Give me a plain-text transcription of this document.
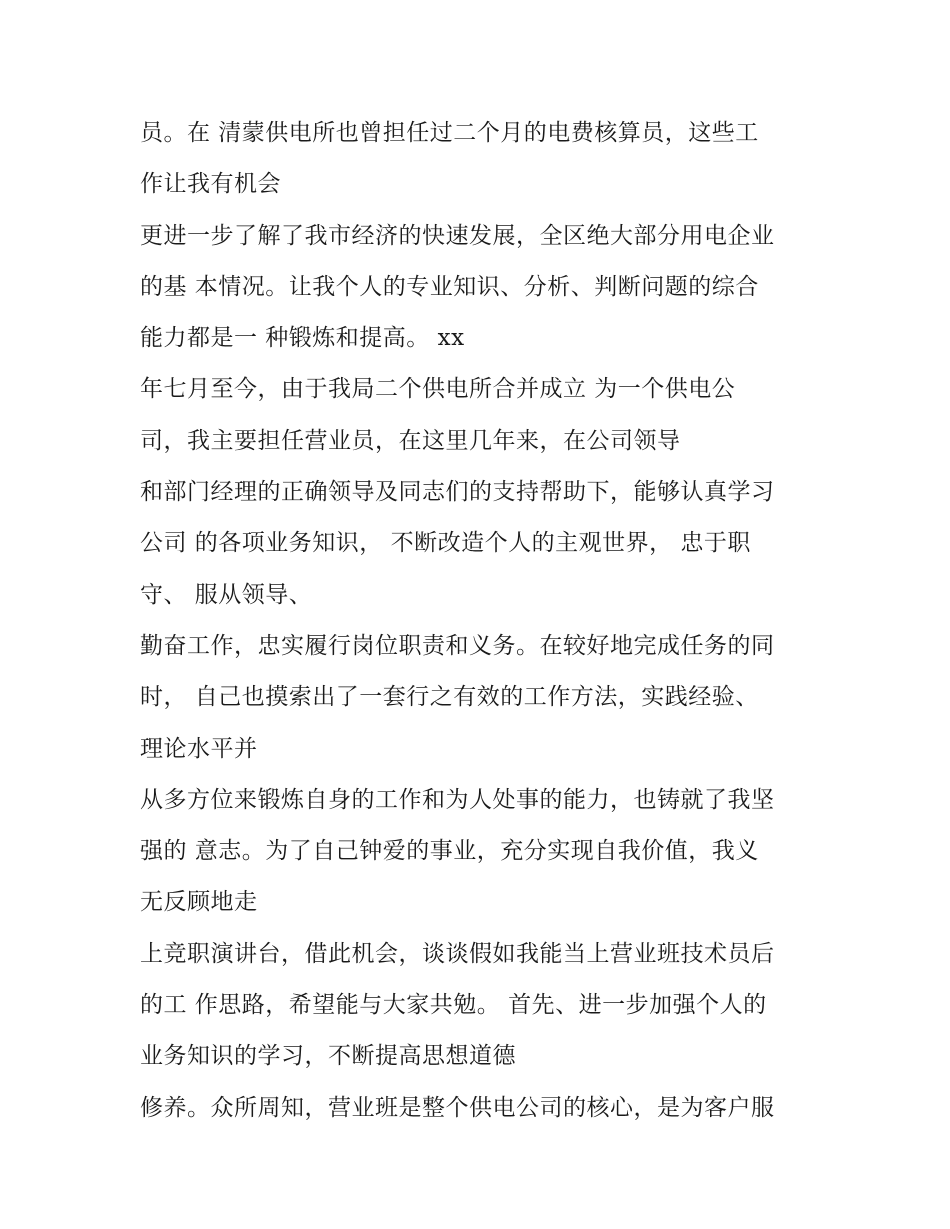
员。在 清蒙供电所也曾担任过二个月的电费核算员，这些工
作让我有机会
更进一步了解了我市经济的快速发展，全区绝大部分用电企业
的基 本情况。让我个人的专业知识、分析、判断问题的综合
能力都是一 种锻炼和提高。 xx
年七月至今，由于我局二个供电所合并成立 为一个供电公
司，我主要担任营业员，在这里几年来，在公司领导
和部门经理的正确领导及同志们的支持帮助下，能够认真学习
公司 的各项业务知识， 不断改造个人的主观世界， 忠于职
守、 服从领导、
勤奋工作，忠实履行岗位职责和义务。在较好地完成任务的同
时， 自己也摸索出了一套行之有效的工作方法，实践经验、
理论水平并
从多方位来锻炼自身的工作和为人处事的能力，也铸就了我坚
强的 意志。为了自己钟爱的事业，充分实现自我价值，我义
无反顾地走
上竞职演讲台，借此机会，谈谈假如我能当上营业班技术员后
的工 作思路，希望能与大家共勉。 首先、进一步加强个人的
业务知识的学习，不断提高思想道德
修养。众所周知，营业班是整个供电公司的核心，是为客户服
